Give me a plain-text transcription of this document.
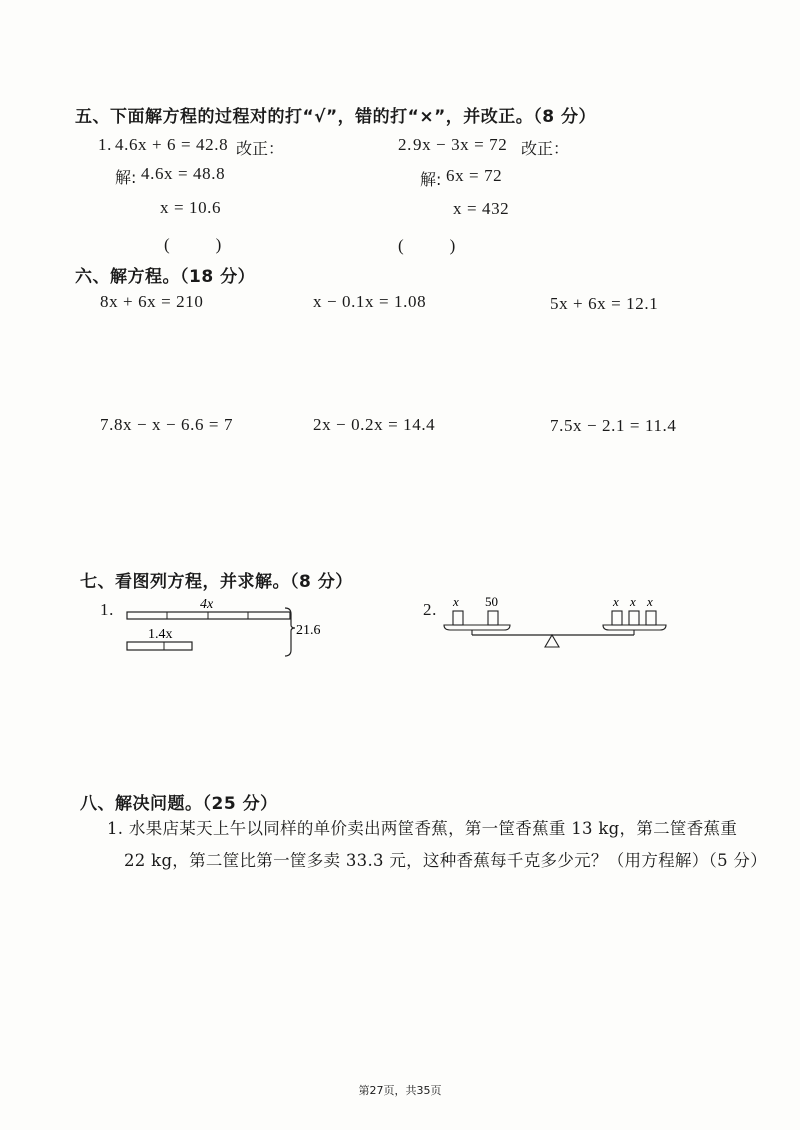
五、下面解方程的过程对的打“√”，错的打“×”，并改正。（8 分）
1. 4.6x + 6 = 42.8 改正：
解: 4.6x = 48.8
x = 10.6
(　　)
2. 9x − 3x = 72 改正：
解: 6x = 72
x = 432
(　　)
六、解方程。（18 分）
8x + 6x = 210	x − 0.1x = 1.08	5x + 6x = 12.1
7.8x − x − 6.6 = 7	2x − 0.2x = 14.4	7.5x − 2.1 = 11.4
七、看图列方程，并求解。（8 分）
1.	4x
1.4x	21.6
2. x 50	x x x
八、解决问题。（25 分）
1. 水果店某天上午以同样的单价卖出两筐香蕉，第一筐香蕉重 13 kg，第二筐香蕉重
22 kg，第二筐比第一筐多卖 33.3 元，这种香蕉每千克多少元？（用方程解）（5 分）
第27页，共35页
